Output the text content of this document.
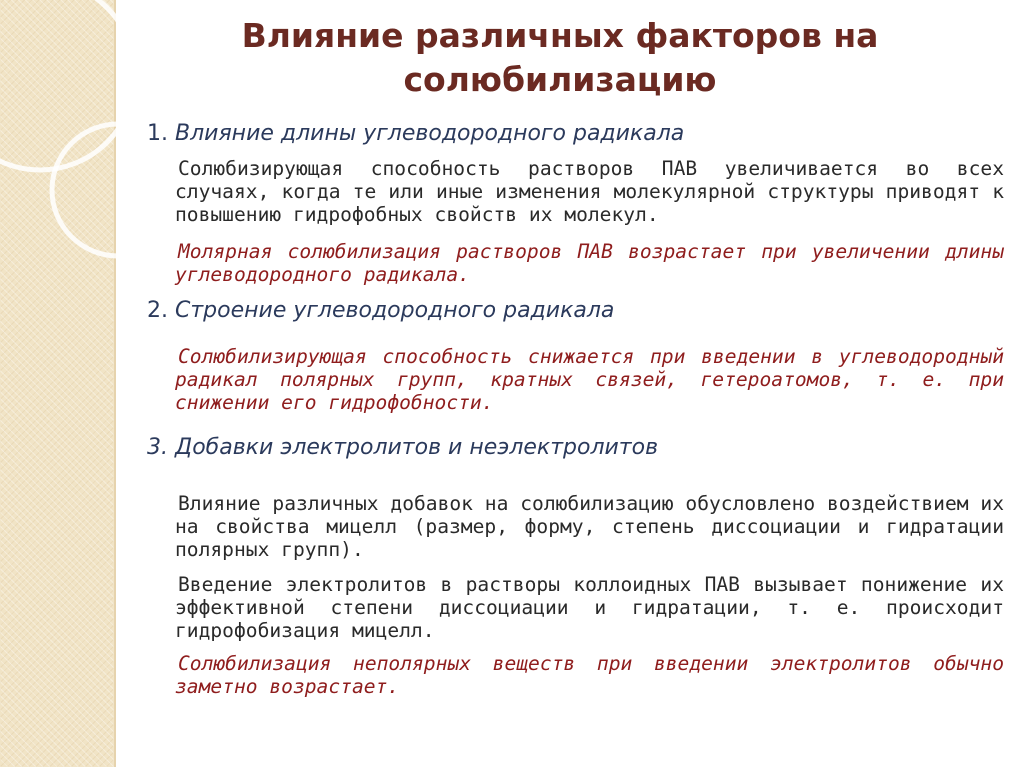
Влияние различных факторов на солюбилизацию

1. Влияние длины углеводородного радикала

Солюбизирующая способность растворов ПАВ увеличивается во всех случаях, когда те или иные изменения молекулярной структуры приводят к повышению гидрофобных свойств их молекул.

Молярная солюбилизация растворов ПАВ возрастает при увеличении длины углеводородного радикала.

2. Строение углеводородного радикала

Солюбилизирующая способность снижается при введении в углеводородный радикал полярных групп, кратных связей, гетероатомов, т. е. при снижении его гидрофобности.

3. Добавки электролитов и неэлектролитов

Влияние различных добавок на солюбилизацию обусловлено воздействием их на свойства мицелл (размер, форму, степень диссоциации и гидратации полярных групп).

Введение электролитов в растворы коллоидных ПАВ вызывает понижение их эффективной степени диссоциации и гидратации, т. е. происходит гидрофобизация мицелл.

Солюбилизация неполярных веществ при введении электролитов обычно заметно возрастает.
